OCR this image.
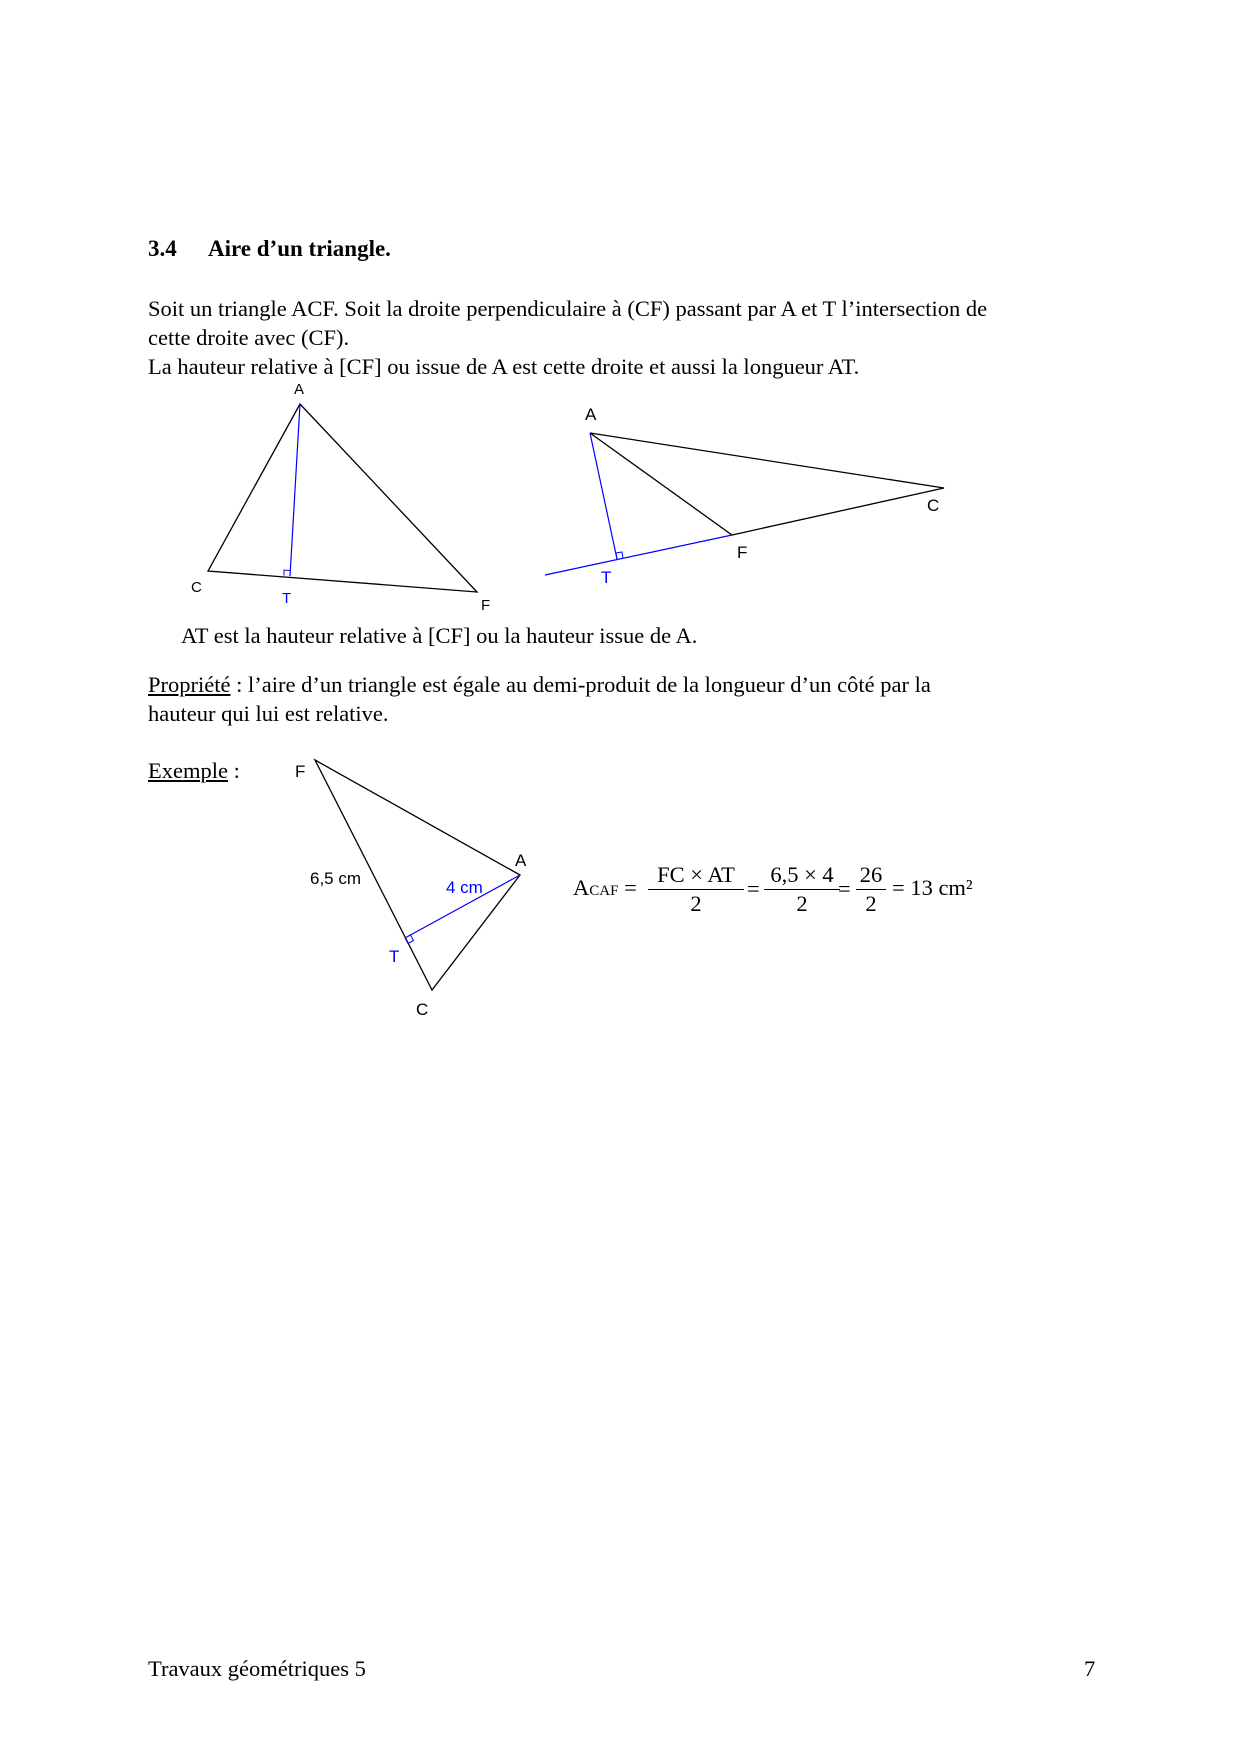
3.4 Aire d’un triangle.
Soit un triangle ACF. Soit la droite perpendiculaire à (CF) passant par A et T l’intersection de
cette droite avec (CF).
La hauteur relative à [CF] ou issue de A est cette droite et aussi la longueur AT.
A
C
F
T
A
C
F
T
F
A
T
C
6,5 cm	4 cm
AT est la hauteur relative à [CF] ou la hauteur issue de A.
Propriété : l’aire d’un triangle est égale au demi-produit de la longueur d’un côté par la
hauteur qui lui est relative.
Exemple :
ACAF =
FC × AT
2
=
6,5 × 4
2
=
26
2
= 13 cm²
Travaux géométriques 5	7
